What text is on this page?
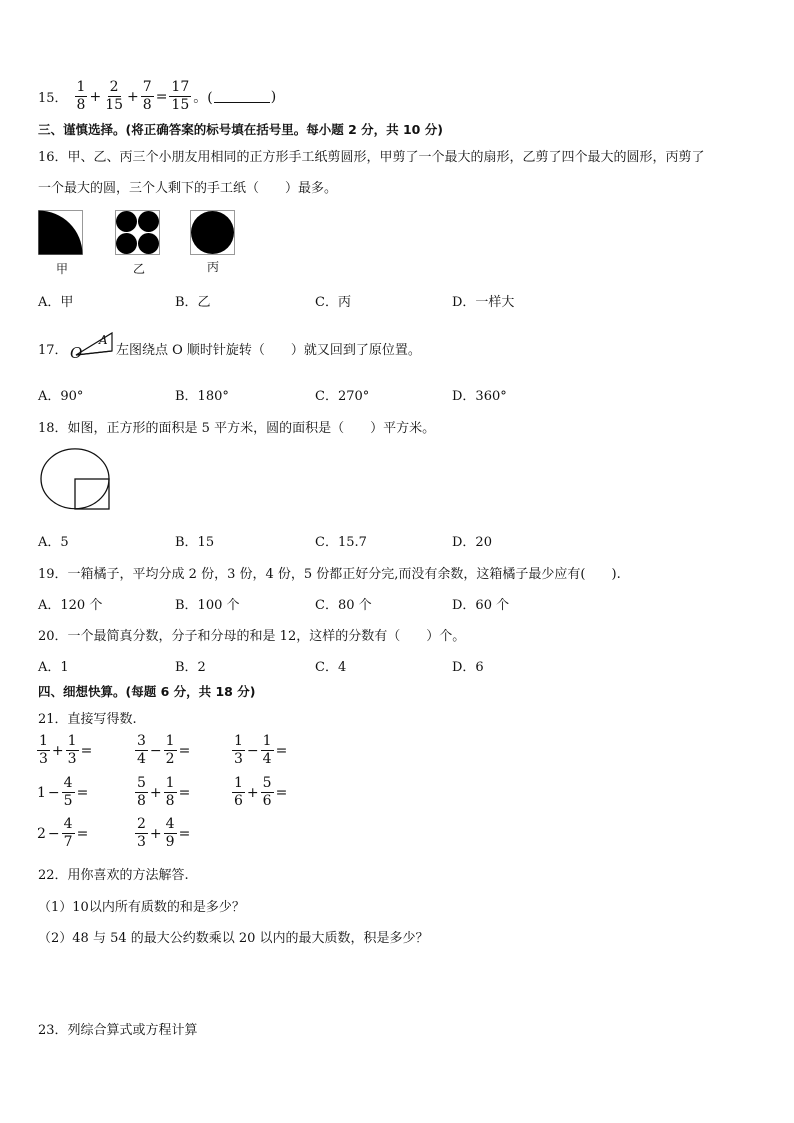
15． $\frac{1}{8} + \frac{2}{15} + \frac{7}{8} = \frac{17}{15}$ 。(	)
三、谨慎选择。(将正确答案的标号填在括号里。每小题 2 分，共 10 分)
16．甲、乙、丙三个小朋友用相同的正方形手工纸剪圆形，甲剪了一个最大的扇形，乙剪了四个最大的圆形，丙剪了
一个最大的圆，三个人剩下的手工纸（　　）最多。
甲	乙	丙
A．甲	B．乙	C．丙	D．一样大
17． O
A
左图绕点 O 顺时针旋转（　　）就又回到了原位置。
A．90°	B．180°	C．270°	D．360°
18．如图，正方形的面积是 5 平方米，圆的面积是（　　）平方米。
A．5	B．15	C．15.7	D．20
19．一箱橘子，平均分成 2 份，3 份，4 份，5 份都正好分完,而没有余数，这箱橘子最少应有(　　).
A．120 个	B．100 个	C．80 个	D．60 个
20．一个最简真分数，分子和分母的和是 12，这样的分数有（　　）个。
A．1	B．2	C．4	D．6
四、细想快算。(每题 6 分，共 18 分)
21．直接写得数.
$\frac{1}{3} + \frac{1}{3}$ =	$\frac{3}{4} - \frac{1}{2}$ =	$\frac{1}{3} - \frac{1}{4}$ =
$1 - \frac{4}{5}$ =	$\frac{5}{8} + \frac{1}{8}$ =	$\frac{1}{6} + \frac{5}{6}$ =
$2 - \frac{4}{7}$ =	$\frac{2}{3} + \frac{4}{9}$ =
22．用你喜欢的方法解答.
（1）10以内所有质数的和是多少？
（2）48 与 54 的最大公约数乘以 20 以内的最大质数，积是多少？
23．列综合算式或方程计算
